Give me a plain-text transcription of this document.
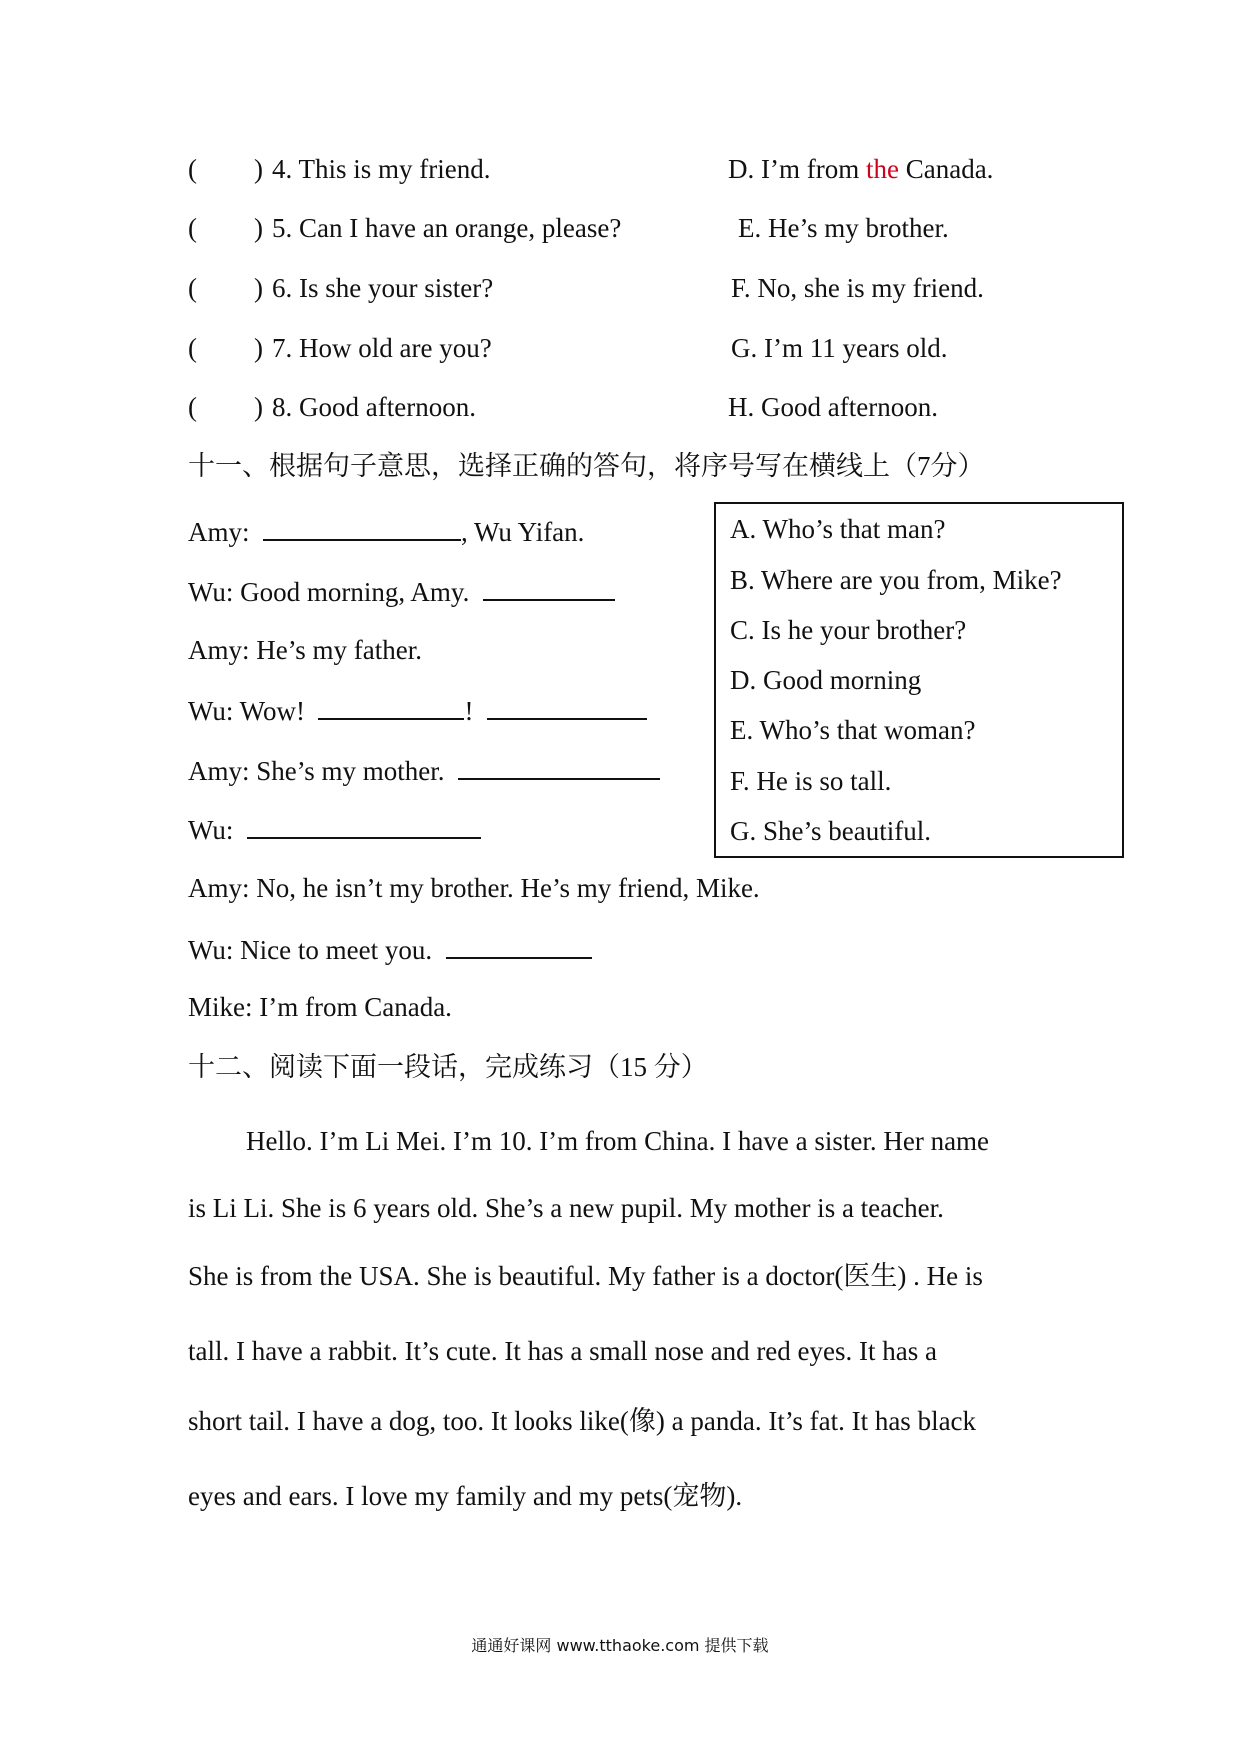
( ) 4. This is my friend.	D. I’m from the Canada.
( ) 5. Can I have an orange, please?	E. He’s my brother.
( ) 6. Is she your sister?	F. No, she is my friend.
( ) 7. How old are you?	G. I’m 11 years old.
( ) 8. Good afternoon.	H. Good afternoon.
十一、根据句子意思，选择正确的答句，将序号写在横线上（7分）
Amy:	, Wu Yifan.
Wu: Good morning, Amy.
Amy: He’s my father.
Wu: Wow!	!
Amy: She’s my mother.
Wu:
Amy: No, he isn’t my brother. He’s my friend, Mike.
Wu: Nice to meet you.
Mike: I’m from Canada.
A. Who’s that man?
B. Where are you from, Mike?
C. Is he your brother?
D. Good morning
E. Who’s that woman?
F. He is so tall.
G. She’s beautiful.
十二、阅读下面一段话，完成练习（15 分）
Hello. I’m Li Mei. I’m 10. I’m from China. I have a sister. Her name
is Li Li. She is 6 years old. She’s a new pupil. My mother is a teacher.
She is from the USA. She is beautiful. My father is a doctor(医生) . He is
tall. I have a rabbit. It’s cute. It has a small nose and red eyes. It has a
short tail. I have a dog, too. It looks like(像) a panda. It’s fat. It has black
eyes and ears. I love my family and my pets(宠物).
通通好课网 www.tthaoke.com 提供下载
